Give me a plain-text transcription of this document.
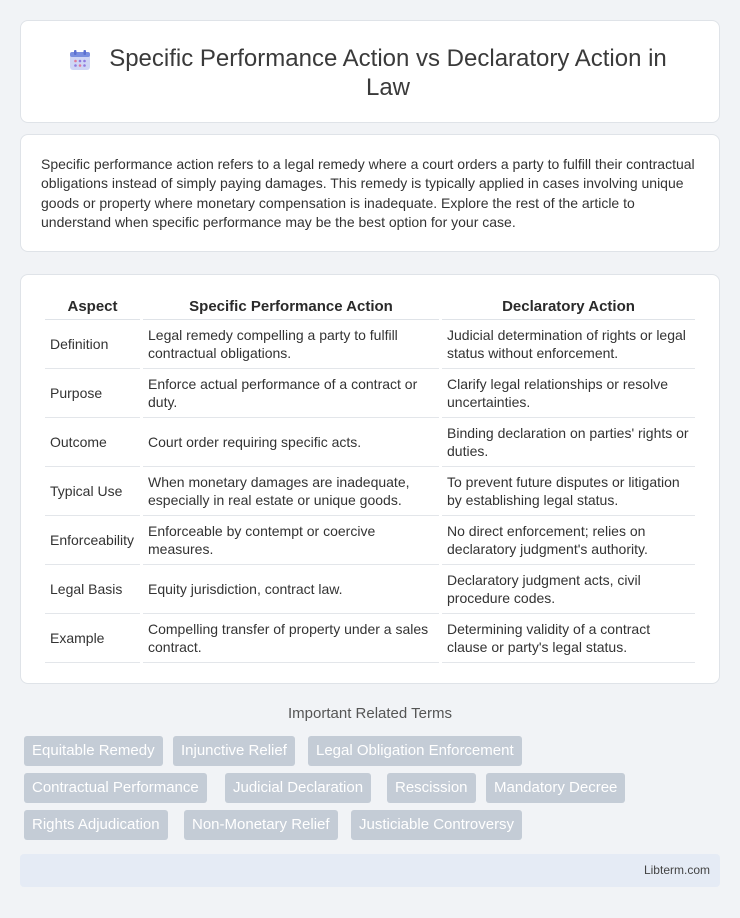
Specific Performance Action vs Declaratory Action in Law

Specific performance action refers to a legal remedy where a court orders a party to fulfill their contractual obligations instead of simply paying damages. This remedy is typically applied in cases involving unique goods or property where monetary compensation is inadequate. Explore the rest of the article to understand when specific performance may be the best option for your case.

Aspect	Specific Performance Action	Declaratory Action
Definition	Legal remedy compelling a party to fulfill contractual obligations.	Judicial determination of rights or legal status without enforcement.
Purpose	Enforce actual performance of a contract or duty.	Clarify legal relationships or resolve uncertainties.
Outcome	Court order requiring specific acts.	Binding declaration on parties' rights or duties.
Typical Use	When monetary damages are inadequate, especially in real estate or unique goods.	To prevent future disputes or litigation by establishing legal status.
Enforceability	Enforceable by contempt or coercive measures.	No direct enforcement; relies on declaratory judgment's authority.
Legal Basis	Equity jurisdiction, contract law.	Declaratory judgment acts, civil procedure codes.
Example	Compelling transfer of property under a sales contract.	Determining validity of a contract clause or party's legal status.
Important Related Terms
Equitable Remedy	Injunctive Relief	Legal Obligation Enforcement
Contractual Performance	Judicial Declaration	Rescission	Mandatory Decree
Rights Adjudication	Non-Monetary Relief	Justiciable Controversy
Libterm.com
